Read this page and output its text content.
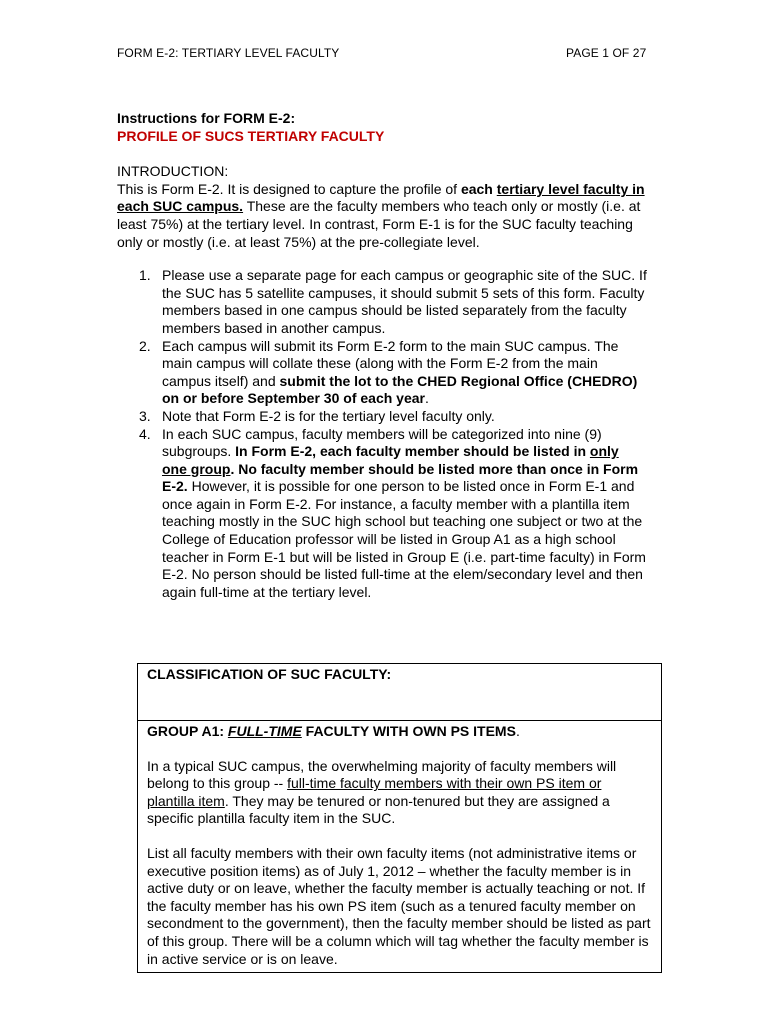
FORM E-2: TERTIARY LEVEL FACULTY	PAGE 1 OF 27
Instructions for FORM E-2:
PROFILE OF SUCS TERTIARY FACULTY
INTRODUCTION:

This is Form E-2. It is designed to capture the profile of each tertiary level faculty in each SUC campus. These are the faculty members who teach only or mostly (i.e. at least 75%) at the tertiary level. In contrast, Form E-1 is for the SUC faculty teaching only or mostly (i.e. at least 75%) at the pre-collegiate level.

1. Please use a separate page for each campus or geographic site of the SUC. If the SUC has 5 satellite campuses, it should submit 5 sets of this form. Faculty members based in one campus should be listed separately from the faculty members based in another campus.
2. Each campus will submit its Form E-2 form to the main SUC campus. The main campus will collate these (along with the Form E-2 from the main campus itself) and submit the lot to the CHED Regional Office (CHEDRO) on or before September 30 of each year.
3. Note that Form E-2 is for the tertiary level faculty only.
4. In each SUC campus, faculty members will be categorized into nine (9) subgroups. In Form E-2, each faculty member should be listed in only one group. No faculty member should be listed more than once in Form E-2. However, it is possible for one person to be listed once in Form E-1 and once again in Form E-2. For instance, a faculty member with a plantilla item teaching mostly in the SUC high school but teaching one subject or two at the College of Education professor will be listed in Group A1 as a high school teacher in Form E-1 but will be listed in Group E (i.e. part-time faculty) in Form E-2. No person should be listed full-time at the elem/secondary level and then again full-time at the tertiary level.
CLASSIFICATION OF SUC FACULTY:
GROUP A1: FULL-TIME FACULTY WITH OWN PS ITEMS.

In a typical SUC campus, the overwhelming majority of faculty members will belong to this group -- full-time faculty members with their own PS item or plantilla item. They may be tenured or non-tenured but they are assigned a specific plantilla faculty item in the SUC.

List all faculty members with their own faculty items (not administrative items or executive position items) as of July 1, 2012 – whether the faculty member is in active duty or on leave, whether the faculty member is actually teaching or not. If the faculty member has his own PS item (such as a tenured faculty member on secondment to the government), then the faculty member should be listed as part of this group. There will be a column which will tag whether the faculty member is in active service or is on leave.
